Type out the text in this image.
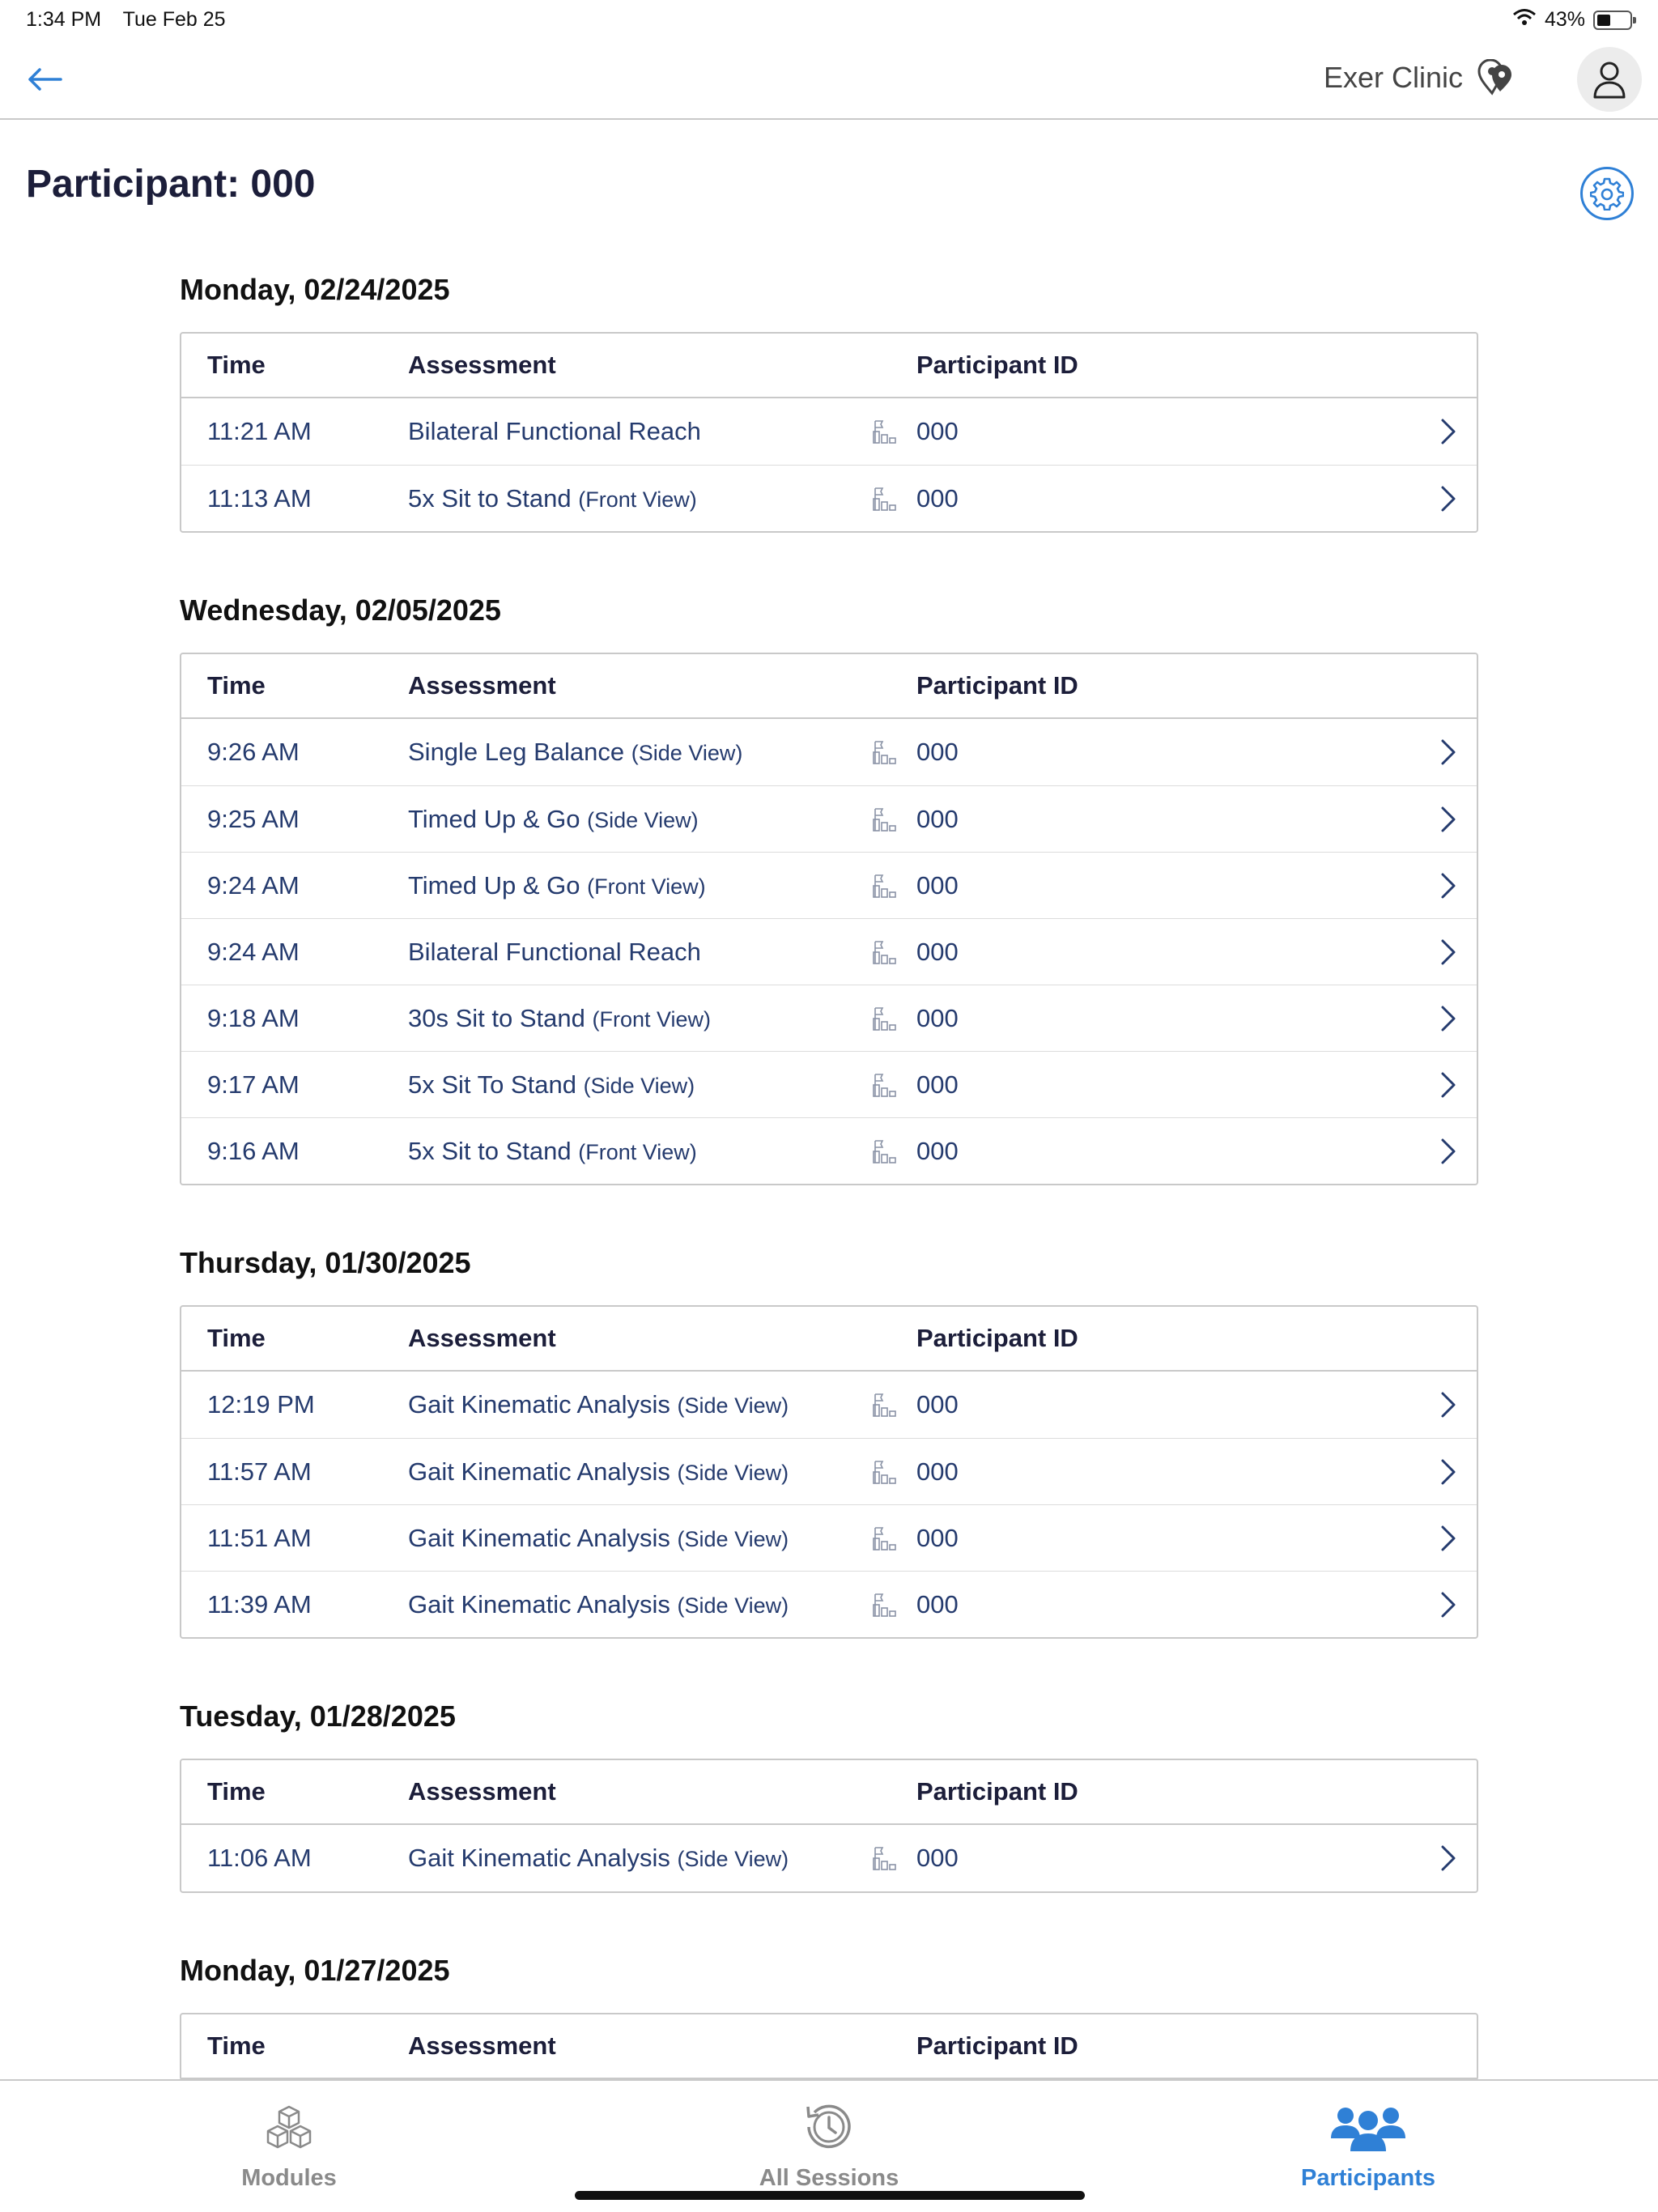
1:34 PM Tue Feb 25	43%
Exer Clinic
Participant: 000
Monday, 02/24/2025
Time	Assessment	Participant ID
11:21 AM	Bilateral Functional Reach	000
11:13 AM	5x Sit to Stand (Front View)	000
Wednesday, 02/05/2025
Time	Assessment	Participant ID
9:26 AM	Single Leg Balance (Side View)	000
9:25 AM	Timed Up & Go (Side View)	000
9:24 AM	Timed Up & Go (Front View)	000
9:24 AM	Bilateral Functional Reach	000
9:18 AM	30s Sit to Stand (Front View)	000
9:17 AM	5x Sit To Stand (Side View)	000
9:16 AM	5x Sit to Stand (Front View)	000
Thursday, 01/30/2025
Time	Assessment	Participant ID
12:19 PM	Gait Kinematic Analysis (Side View)	000
11:57 AM	Gait Kinematic Analysis (Side View)	000
11:51 AM	Gait Kinematic Analysis (Side View)	000
11:39 AM	Gait Kinematic Analysis (Side View)	000
Tuesday, 01/28/2025
Time	Assessment	Participant ID
11:06 AM	Gait Kinematic Analysis (Side View)	000
Monday, 01/27/2025
Time	Assessment	Participant ID
Modules	All Sessions	Participants
